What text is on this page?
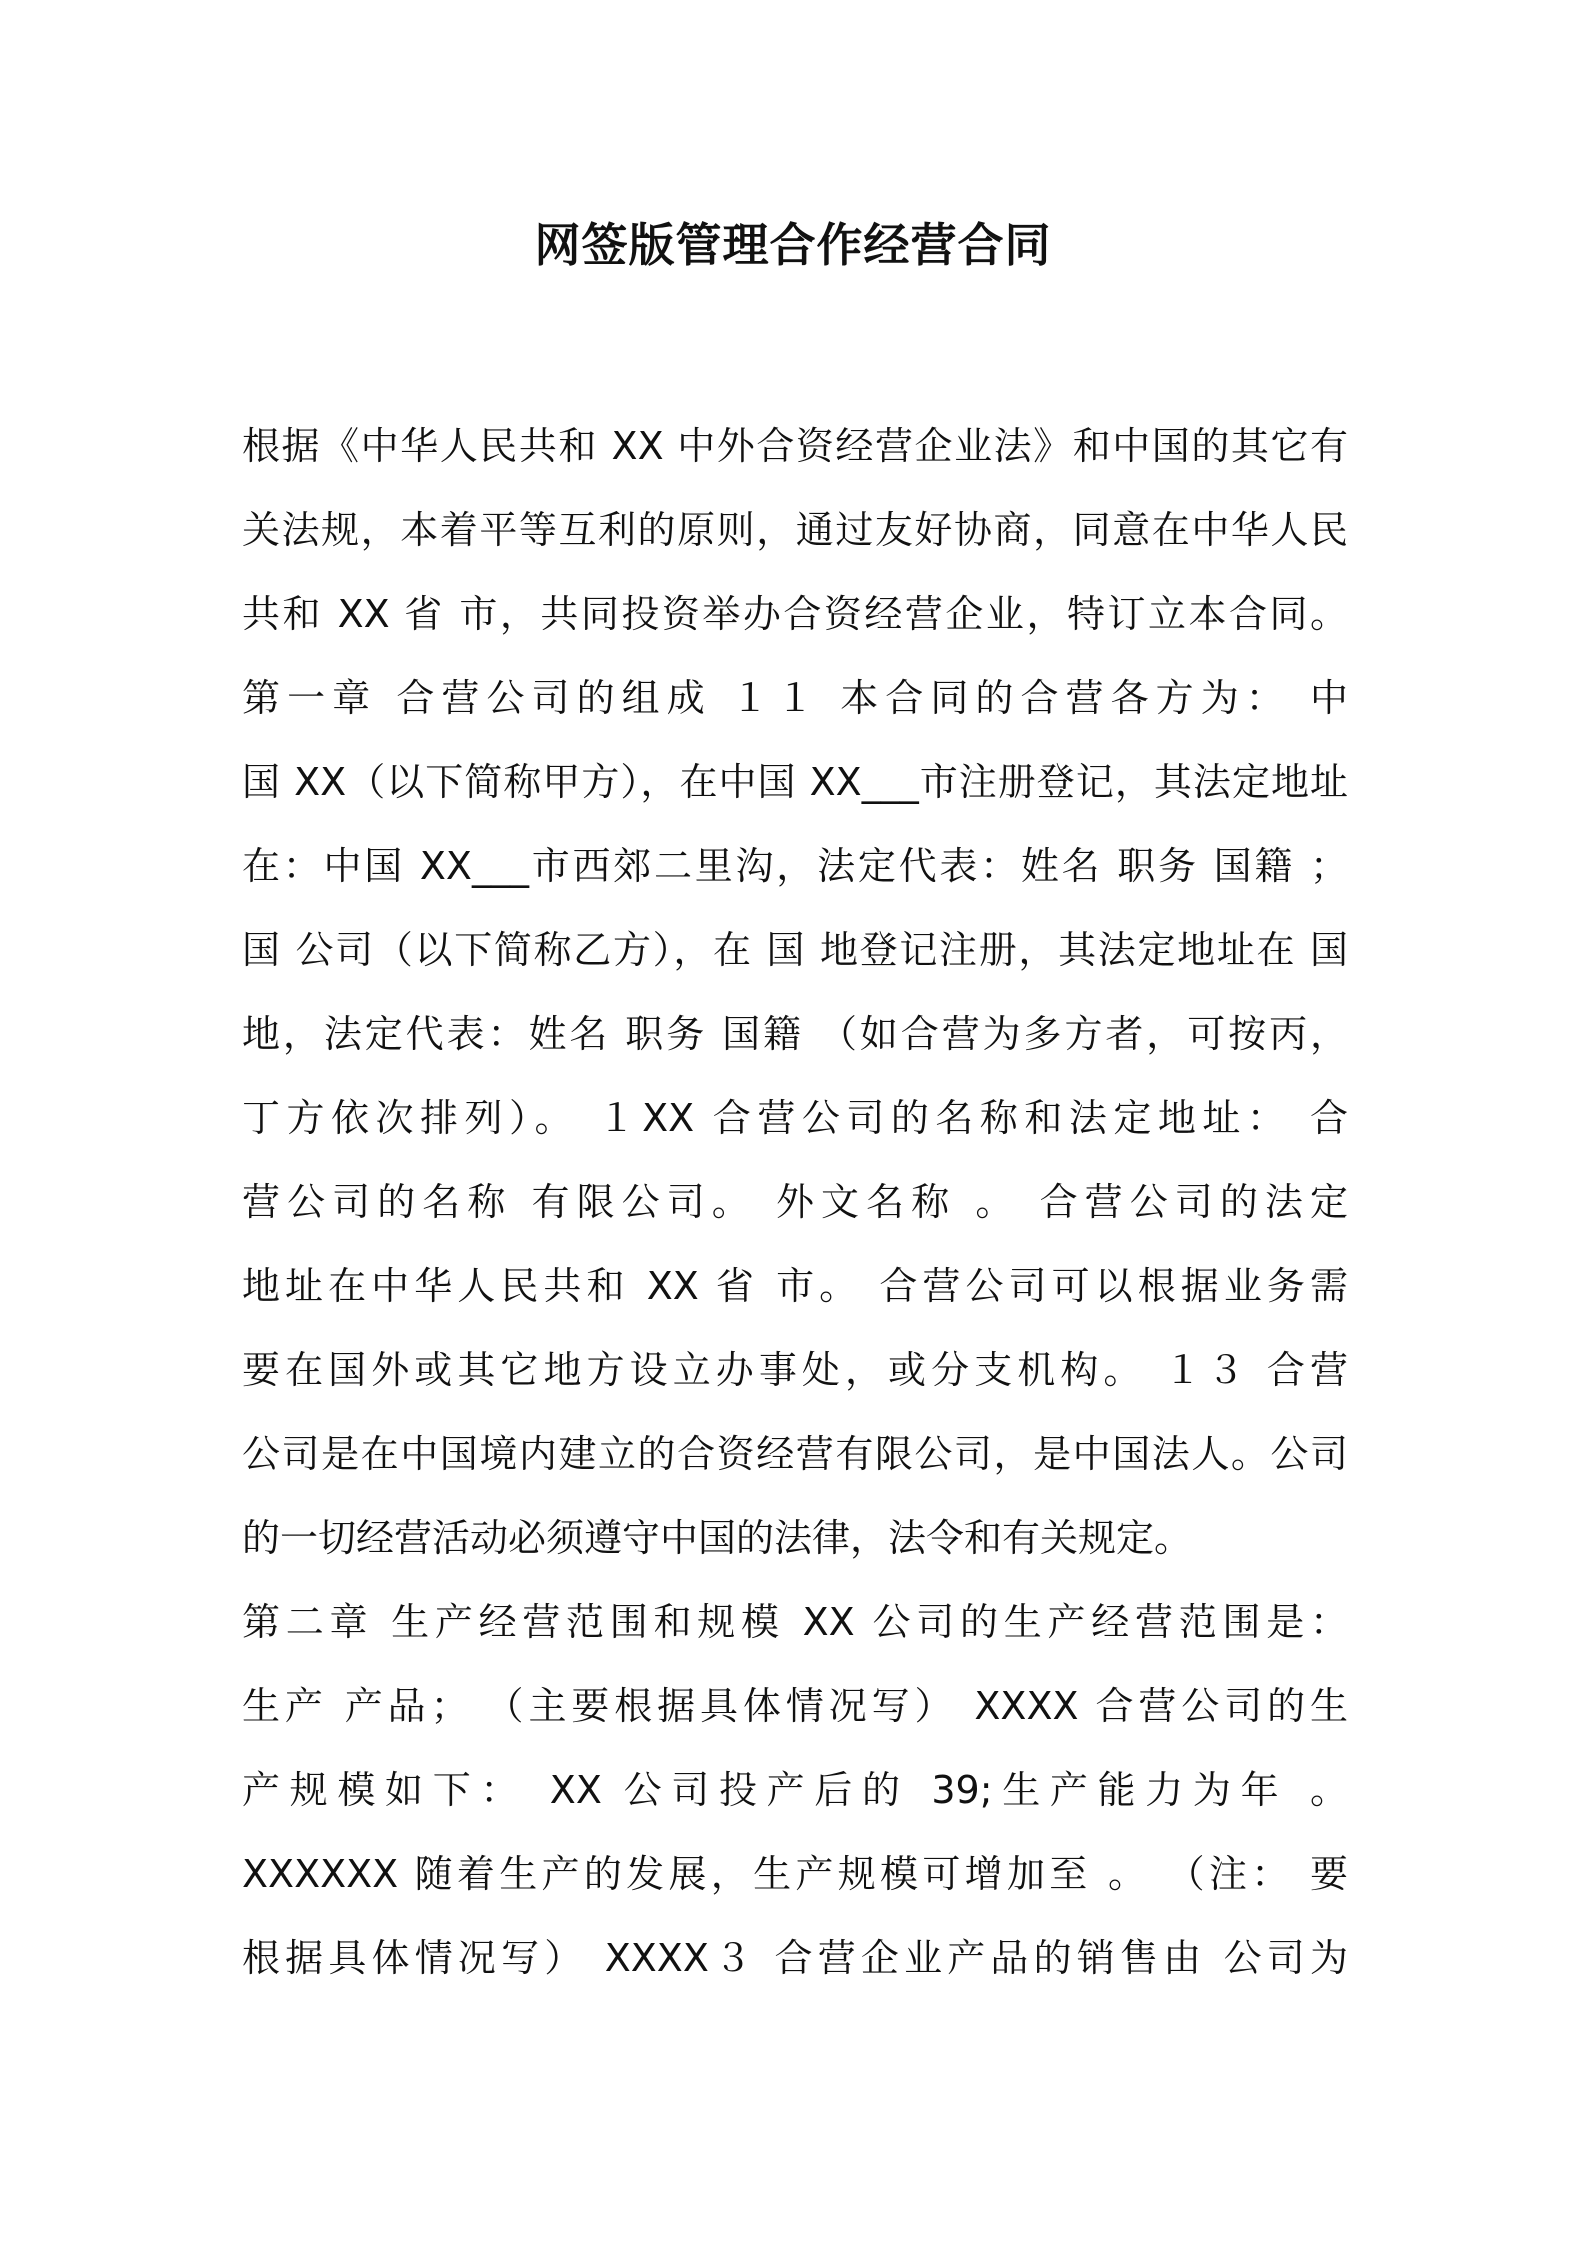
网签版管理合作经营合同
根据《中华人民共和 XX 中外合资经营企业法》和中国的其它有
关法规，本着平等互利的原则，通过友好协商，同意在中华人民
共和 XX 省 市，共同投资举办合资经营企业，特订立本合同。
第一章 合营公司的组成 １１ 本合同的合营各方为： 中
国 XX（以下简称甲方），在中国 XX___市注册登记，其法定地址
在：中国 XX___市西郊二里沟，法定代表：姓名 职务 国籍 ；
国 公司（以下简称乙方），在 国 地登记注册，其法定地址在 国
地，法定代表：姓名 职务 国籍 （如合营为多方者，可按丙，
丁方依次排列）。 １XX 合营公司的名称和法定地址： 合
营公司的名称 有限公司。 外文名称 。 合营公司的法定
地址在中华人民共和 XX 省 市。 合营公司可以根据业务需
要在国外或其它地方设立办事处，或分支机构。 １３ 合营
公司是在中国境内建立的合资经营有限公司，是中国法人。公司
的一切经营活动必须遵守中国的法律，法令和有关规定。
第二章 生产经营范围和规模 XX 公司的生产经营范围是：
生产 产品； （主要根据具体情况写） XXXX 合营公司的生
产规模如下： XX 公司投产后的 39;生产能力为年 。
XXXXXX 随着生产的发展，生产规模可增加至 。 （注： 要
根据具体情况写） XXXX３ 合营企业产品的销售由 公司为
